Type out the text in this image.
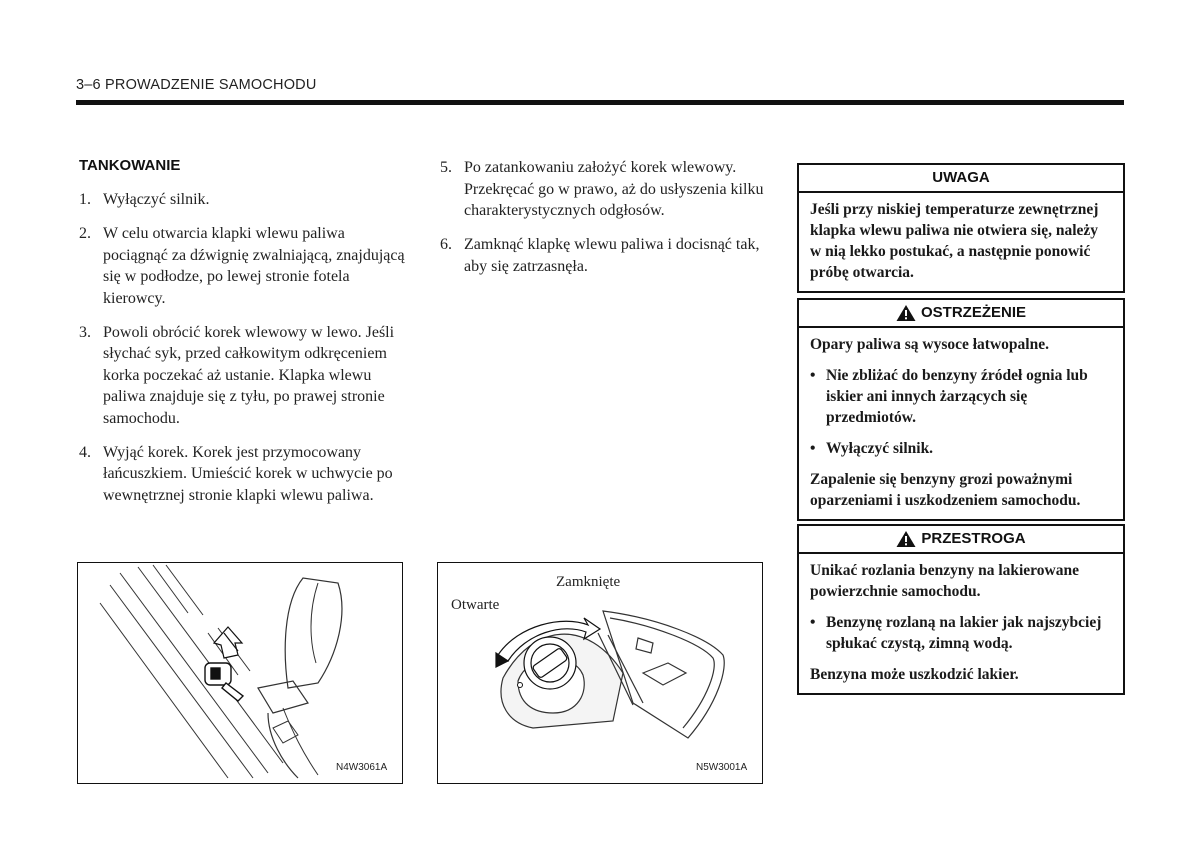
3–6 PROWADZENIE SAMOCHODU
TANKOWANIE
1. Wyłączyć silnik.
2. W celu otwarcia klapki wlewu paliwa pociągnąć za dźwignię zwalniającą, znajdującą się w podłodze, po lewej stronie fotela kierowcy.
3. Powoli obrócić korek wlewowy w lewo. Jeśli słychać syk, przed całkowitym odkręceniem korka poczekać aż ustanie. Klapka wlewu paliwa znajduje się z tyłu, po prawej stronie samochodu.
4. Wyjąć korek. Korek jest przymocowany łańcuszkiem. Umieścić korek w uchwycie po wewnętrznej stronie klapki wlewu paliwa.
5. Po zatankowaniu założyć korek wlewowy. Przekręcać go w prawo, aż do usłyszenia kilku charakterystycznych odgłosów.
6. Zamknąć klapkę wlewu paliwa i docisnąć tak, aby się zatrzasnęła.
UWAGA

Jeśli przy niskiej temperaturze zewnętrznej klapka wlewu paliwa nie otwiera się, należy w nią lekko postukać, a następnie ponowić próbę otwarcia.

OSTRZEŻENIE

Opary paliwa są wysoce łatwopalne.

• Nie zbliżać do benzyny źródeł ognia lub iskier ani innych żarzących się przedmiotów.

• Wyłączyć silnik.

Zapalenie się benzyny grozi poważnymi oparzeniami i uszkodzeniem samochodu.

PRZESTROGA

Unikać rozlania benzyny na lakierowane powierzchnie samochodu.

• Benzynę rozlaną na lakier jak najszybciej spłukać czystą, zimną wodą.

Benzyna może uszkodzić lakier.

N4W3061A
Zamknięte
Otwarte
N5W3001A
